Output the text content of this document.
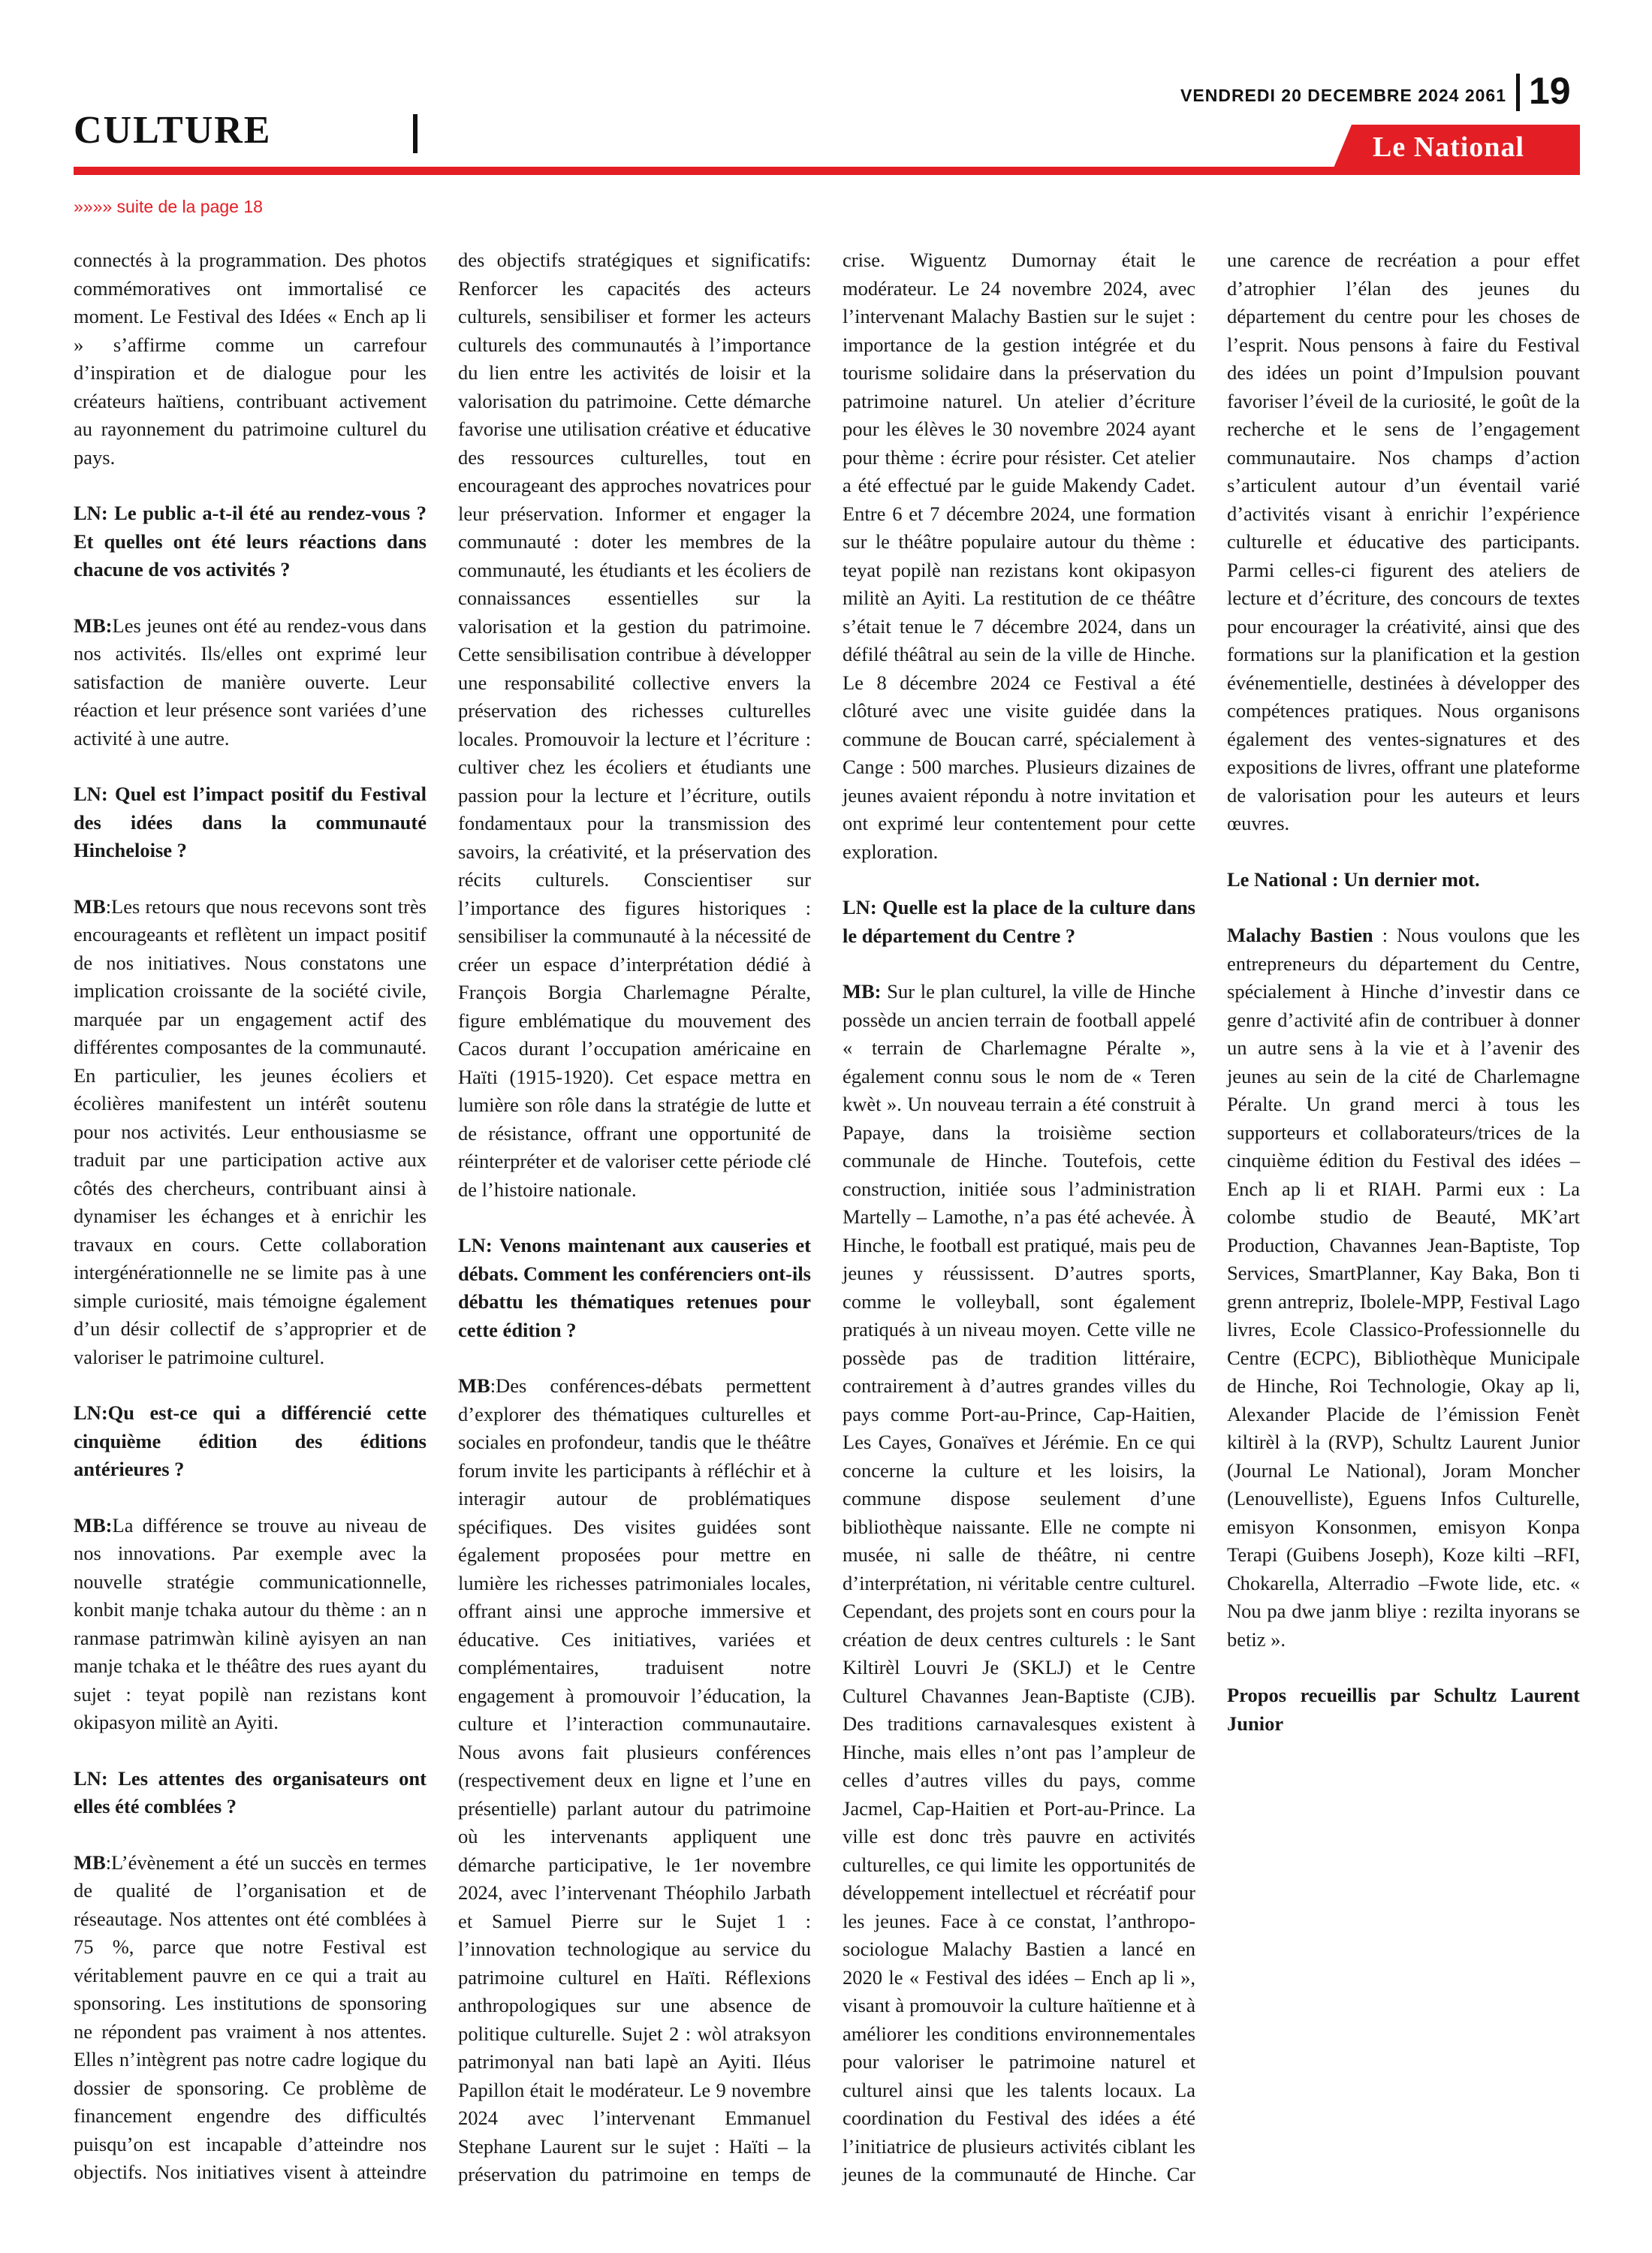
CULTURE
VENDREDI 20 DECEMBRE 2024 2061 19
Le National
»»»» suite de la page 18

connectés à la programmation. Des photos commémoratives ont immortalisé ce moment. Le Festival des Idées « Ench ap li » s’affirme comme un carrefour d’inspiration et de dialogue pour les créateurs haïtiens, contribuant activement au rayonnement du patrimoine culturel du pays.

LN: Le public a-t-il été au rendez-vous ? Et quelles ont été leurs réactions dans chacune de vos activités ?

MB:Les jeunes ont été au rendez-vous dans nos activités. Ils/elles ont exprimé leur satisfaction de manière ouverte. Leur réaction et leur présence sont variées d’une activité à une autre.

LN: Quel est l’impact positif du Festival des idées dans la communauté Hincheloise ?

MB:Les retours que nous recevons sont très encourageants et reflètent un impact positif de nos initiatives. Nous constatons une implication croissante de la société civile, marquée par un engagement actif des différentes composantes de la communauté. En particulier, les jeunes écoliers et écolières manifestent un intérêt soutenu pour nos activités. Leur enthousiasme se traduit par une participation active aux côtés des chercheurs, contribuant ainsi à dynamiser les échanges et à enrichir les travaux en cours. Cette collaboration intergénérationnelle ne se limite pas à une simple curiosité, mais témoigne également d’un désir collectif de s’approprier et de valoriser le patrimoine culturel.

LN:Qu est-ce qui a différencié cette cinquième édition des éditions antérieures ?

MB:La différence se trouve au niveau de nos innovations. Par exemple avec la nouvelle stratégie communicationnelle, konbit manje tchaka autour du thème : an n ranmase patrimwàn kilinè ayisyen an nan manje tchaka et le théâtre des rues ayant du sujet : teyat popilè nan rezistans kont okipasyon militè an Ayiti.

LN: Les attentes des organisateurs ont elles été comblées ?

MB:L’évènement a été un succès en termes de qualité de l’organisation et de réseautage. Nos attentes ont été comblées à 75 %, parce que notre Festival est véritablement pauvre en ce qui a trait au sponsoring. Les institutions de sponsoring ne répondent pas vraiment à nos attentes. Elles n’intègrent pas notre cadre logique du dossier de sponsoring. Ce problème de financement engendre des difficultés puisqu’on est incapable d’atteindre nos objectifs. Nos initiatives visent à atteindre des objectifs stratégiques et significatifs: Renforcer les capacités des acteurs culturels, sensibiliser et former les acteurs culturels des communautés à l’importance du lien entre les activités de loisir et la valorisation du patrimoine. Cette démarche favorise une utilisation créative et éducative des ressources culturelles, tout en encourageant des approches novatrices pour leur préservation. Informer et engager la communauté : doter les membres de la communauté, les étudiants et les écoliers de connaissances essentielles sur la valorisation et la gestion du patrimoine. Cette sensibilisation contribue à développer une responsabilité collective envers la préservation des richesses culturelles locales. Promouvoir la lecture et l’écriture : cultiver chez les écoliers et étudiants une passion pour la lecture et l’écriture, outils fondamentaux pour la transmission des savoirs, la créativité, et la préservation des récits culturels. Conscientiser sur l’importance des figures historiques : sensibiliser la communauté à la nécessité de créer un espace d’interprétation dédié à François Borgia Charlemagne Péralte, figure emblématique du mouvement des Cacos durant l’occupation américaine en Haïti (1915-1920). Cet espace mettra en lumière son rôle dans la stratégie de lutte et de résistance, offrant une opportunité de réinterpréter et de valoriser cette période clé de l’histoire nationale.

LN: Venons maintenant aux causeries et débats. Comment les conférenciers ont-ils débattu les thématiques retenues pour cette édition ?

MB:Des conférences-débats permettent d’explorer des thématiques culturelles et sociales en profondeur, tandis que le théâtre forum invite les participants à réfléchir et à interagir autour de problématiques spécifiques. Des visites guidées sont également proposées pour mettre en lumière les richesses patrimoniales locales, offrant ainsi une approche immersive et éducative. Ces initiatives, variées et complémentaires, traduisent notre engagement à promouvoir l’éducation, la culture et l’interaction communautaire. Nous avons fait plusieurs conférences (respectivement deux en ligne et l’une en présentielle) parlant autour du patrimoine où les intervenants appliquent une démarche participative, le 1er novembre 2024, avec l’intervenant Théophilo Jarbath et Samuel Pierre sur le Sujet 1 : l’innovation technologique au service du patrimoine culturel en Haïti. Réflexions anthropologiques sur une absence de politique culturelle. Sujet 2 : wòl atraksyon patrimonyal nan bati lapè an Ayiti. Iléus Papillon était le modérateur. Le 9 novembre 2024 avec l’intervenant Emmanuel Stephane Laurent sur le sujet : Haïti – la préservation du patrimoine en temps de crise. Wiguentz Dumornay était le modérateur. Le 24 novembre 2024, avec l’intervenant Malachy Bastien sur le sujet : importance de la gestion intégrée et du tourisme solidaire dans la préservation du patrimoine naturel. Un atelier d’écriture pour les élèves le 30 novembre 2024 ayant pour thème : écrire pour résister. Cet atelier a été effectué par le guide Makendy Cadet. Entre 6 et 7 décembre 2024, une formation sur le théâtre populaire autour du thème : teyat popilè nan rezistans kont okipasyon militè an Ayiti. La restitution de ce théâtre s’était tenue le 7 décembre 2024, dans un défilé théâtral au sein de la ville de Hinche. Le 8 décembre 2024 ce Festival a été clôturé avec une visite guidée dans la commune de Boucan carré, spécialement à Cange : 500 marches. Plusieurs dizaines de jeunes avaient répondu à notre invitation et ont exprimé leur contentement pour cette exploration.

LN: Quelle est la place de la culture dans le département du Centre ?

MB: Sur le plan culturel, la ville de Hinche possède un ancien terrain de football appelé « terrain de Charlemagne Péralte », également connu sous le nom de « Teren kwèt ». Un nouveau terrain a été construit à Papaye, dans la troisième section communale de Hinche. Toutefois, cette construction, initiée sous l’administration Martelly – Lamothe, n’a pas été achevée. À Hinche, le football est pratiqué, mais peu de jeunes y réussissent. D’autres sports, comme le volleyball, sont également pratiqués à un niveau moyen. Cette ville ne possède pas de tradition littéraire, contrairement à d’autres grandes villes du pays comme Port-au-Prince, Cap-Haitien, Les Cayes, Gonaïves et Jérémie. En ce qui concerne la culture et les loisirs, la commune dispose seulement d’une bibliothèque naissante. Elle ne compte ni musée, ni salle de théâtre, ni centre d’interprétation, ni véritable centre culturel. Cependant, des projets sont en cours pour la création de deux centres culturels : le Sant Kiltirèl Louvri Je (SKLJ) et le Centre Culturel Chavannes Jean-Baptiste (CJB). Des traditions carnavalesques existent à Hinche, mais elles n’ont pas l’ampleur de celles d’autres villes du pays, comme Jacmel, Cap-Haitien et Port-au-Prince. La ville est donc très pauvre en activités culturelles, ce qui limite les opportunités de développement intellectuel et récréatif pour les jeunes. Face à ce constat, l’anthropo-sociologue Malachy Bastien a lancé en 2020 le « Festival des idées – Ench ap li », visant à promouvoir la culture haïtienne et à améliorer les conditions environnementales pour valoriser le patrimoine naturel et culturel ainsi que les talents locaux. La coordination du Festival des idées a été l’initiatrice de plusieurs activités ciblant les jeunes de la communauté de Hinche. Car une carence de recréation a pour effet d’atrophier l’élan des jeunes du département du centre pour les choses de l’esprit. Nous pensons à faire du Festival des idées un point d’Impulsion pouvant favoriser l’éveil de la curiosité, le goût de la recherche et le sens de l’engagement communautaire. Nos champs d’action s’articulent autour d’un éventail varié d’activités visant à enrichir l’expérience culturelle et éducative des participants. Parmi celles-ci figurent des ateliers de lecture et d’écriture, des concours de textes pour encourager la créativité, ainsi que des formations sur la planification et la gestion événementielle, destinées à développer des compétences pratiques. Nous organisons également des ventes-signatures et des expositions de livres, offrant une plateforme de valorisation pour les auteurs et leurs œuvres.

Le National : Un dernier mot.

Malachy Bastien : Nous voulons que les entrepreneurs du département du Centre, spécialement à Hinche d’investir dans ce genre d’activité afin de contribuer à donner un autre sens à la vie et à l’avenir des jeunes au sein de la cité de Charlemagne Péralte. Un grand merci à tous les supporteurs et collaborateurs/trices de la cinquième édition du Festival des idées –Ench ap li et RIAH. Parmi eux : La colombe studio de Beauté, MK’art Production, Chavannes Jean-Baptiste, Top Services, SmartPlanner, Kay Baka, Bon ti grenn antrepriz, Ibolele-MPP, Festival Lago livres, Ecole Classico-Professionnelle du Centre (ECPC), Bibliothèque Municipale de Hinche, Roi Technologie, Okay ap li, Alexander Placide de l’émission Fenèt kiltirèl à la (RVP), Schultz Laurent Junior (Journal Le National), Joram Moncher (Lenouvelliste), Eguens Infos Culturelle, emisyon Konsonmen, emisyon Konpa Terapi (Guibens Joseph), Koze kilti –RFI, Chokarella, Alterradio –Fwote lide, etc. « Nou pa dwe janm bliye : rezilta inyorans se betiz ».

Propos recueillis par Schultz Laurent Junior
